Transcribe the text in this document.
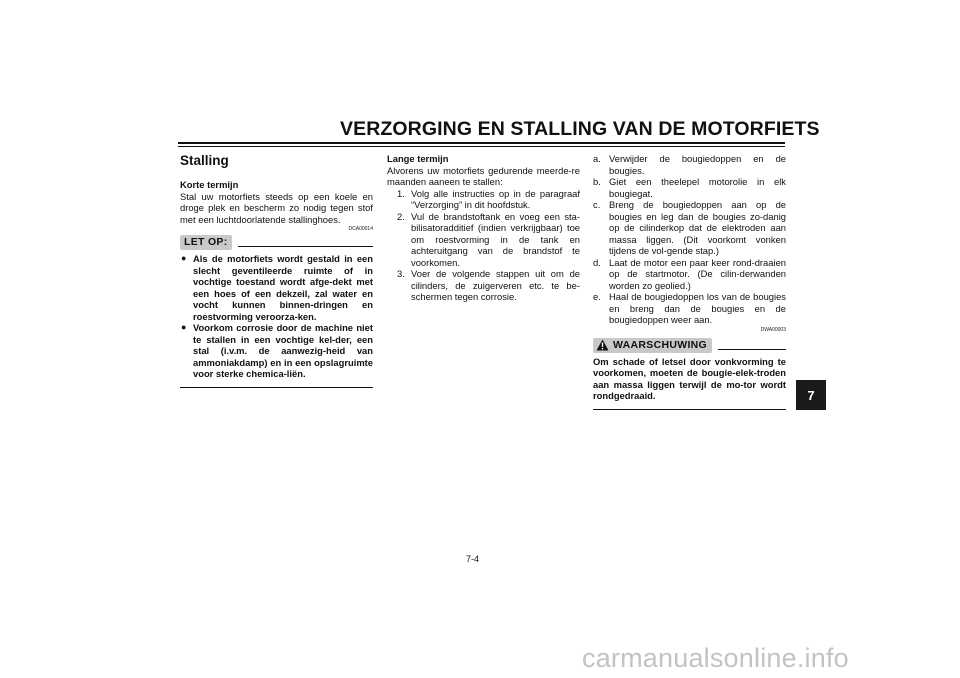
VERZORGING EN STALLING VAN DE MOTORFIETS
Stalling
Korte termijn

Stal uw motorfiets steeds op een koele en droge plek en bescherm zo nodig tegen stof met een luchtdoorlatende stallinghoes.

DCA00014
LET OP:
● Als de motorfiets wordt gestald in een slecht geventileerde ruimte of in vochtige toestand wordt afge-dekt met een hoes of een dekzeil, zal water en vocht kunnen binnen-dringen en roestvorming veroorza-ken.
● Voorkom corrosie door de machine niet te stallen in een vochtige kel-der, een stal (i.v.m. de aanwezig-heid van ammoniakdamp) en in een opslagruimte voor sterke chemica-liën.
Lange termijn

Alvorens uw motorfiets gedurende meerde-re maanden aaneen te stallen:

1. Volg alle instructies op in de paragraaf “Verzorging” in dit hoofdstuk.
2. Vul de brandstoftank en voeg een sta-bilisatoradditief (indien verkrijgbaar) toe om roestvorming in de tank en achteruitgang van de brandstof te voorkomen.
3. Voer de volgende stappen uit om de cilinders, de zuigerveren etc. te be-schermen tegen corrosie.
a. Verwijder de bougiedoppen en de bougies.
b. Giet een theelepel motorolie in elk bougiegat.
c. Breng de bougiedoppen aan op de bougies en leg dan de bougies zo-danig op de cilinderkop dat de elektroden aan massa liggen. (Dit voorkomt vonken tijdens de vol-gende stap.)
d. Laat de motor een paar keer rond-draaien op de startmotor. (De cilin-derwanden worden zo geolied.)
e. Haal de bougiedoppen los van de bougies en breng dan de bougies en de bougiedoppen weer aan.
DWA00003
WAARSCHUWING

Om schade of letsel door vonkvorming te voorkomen, moeten de bougie-elek-troden aan massa liggen terwijl de mo-tor wordt rondgedraaid.	7
7-4
carmanualsonline.info
